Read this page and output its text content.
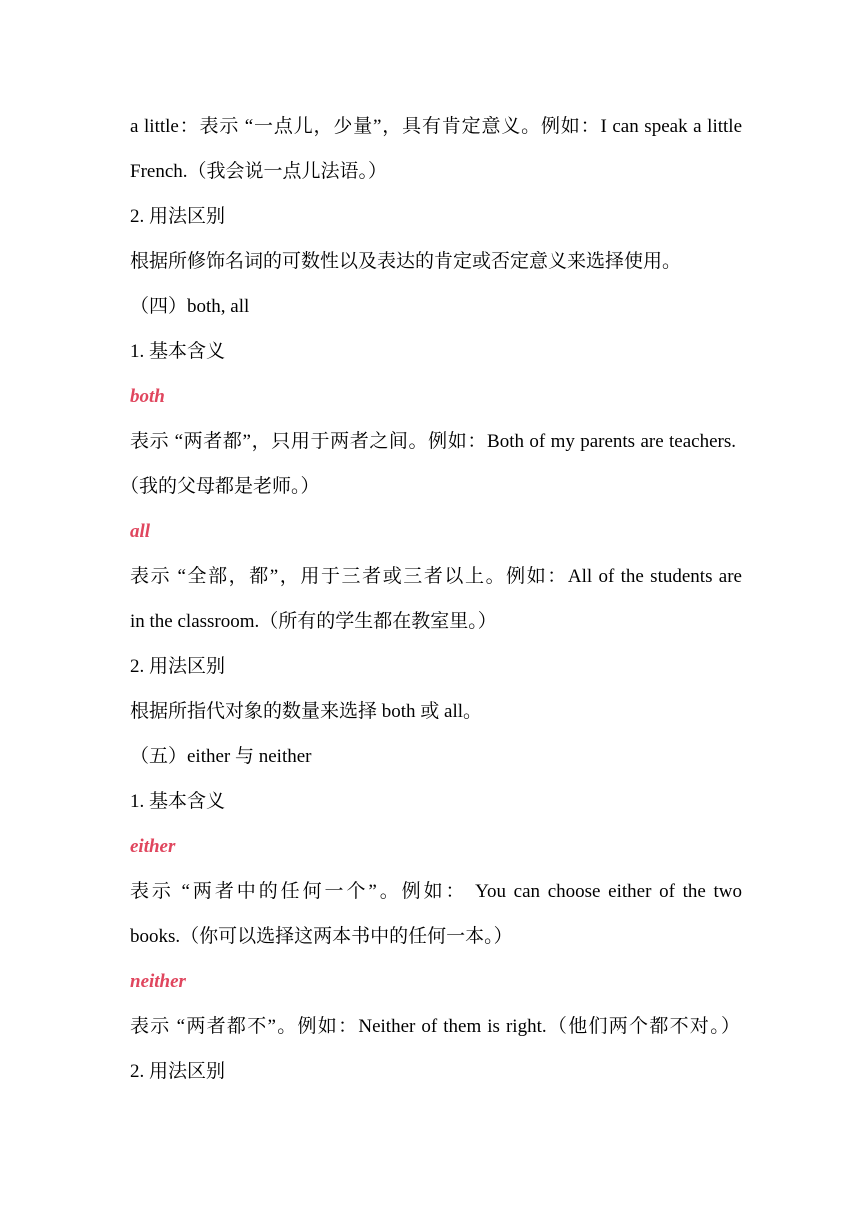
a little：表示 “一点儿，少量”，具有肯定意义。例如：I can speak a little
French.（我会说一点儿法语。）
2. 用法区别
根据所修饰名词的可数性以及表达的肯定或否定意义来选择使用。
（四）both, all
1. 基本含义
both
表示 “两者都”，只用于两者之间。例如：Both of my parents are teachers.
（我的父母都是老师。）
all
表示 “全部，都”，用于三者或三者以上。例如：All of the students are
in the classroom.（所有的学生都在教室里。）
2. 用法区别
根据所指代对象的数量来选择 both 或 all。
（五）either 与 neither
1. 基本含义
either
表示 “两者中的任何一个”。例如： You can choose either of the two
books.（你可以选择这两本书中的任何一本。）
neither
表示 “两者都不”。例如：Neither of them is right.（他们两个都不对。）
2. 用法区别
